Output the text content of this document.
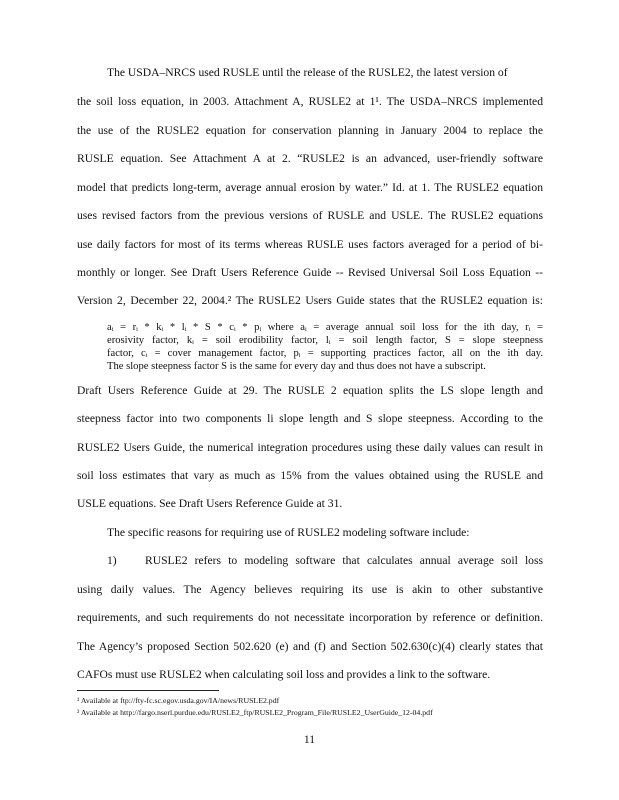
The USDA–NRCS used RUSLE until the release of the RUSLE2, the latest version of
the soil loss equation, in 2003. Attachment A, RUSLE2 at 1¹. The USDA–NRCS implemented
the use of the RUSLE2 equation for conservation planning in January 2004 to replace the
RUSLE equation. See Attachment A at 2. “RUSLE2 is an advanced, user-friendly software
model that predicts long-term, average annual erosion by water.” Id. at 1. The RUSLE2 equation
uses revised factors from the previous versions of RUSLE and USLE. The RUSLE2 equations
use daily factors for most of its terms whereas RUSLE uses factors averaged for a period of bi-
monthly or longer. See Draft Users Reference Guide -- Revised Universal Soil Loss Equation --
Version 2, December 22, 2004.² The RUSLE2 Users Guide states that the RUSLE2 equation is:
aᵢ = rᵢ * kᵢ * lᵢ * S * cᵢ * pᵢ where aᵢ = average annual soil loss for the ith day, rᵢ =
erosivity factor, kᵢ = soil erodibility factor, lᵢ = soil length factor, S = slope steepness
factor, cᵢ = cover management factor, pᵢ = supporting practices factor, all on the ith day.
The slope steepness factor S is the same for every day and thus does not have a subscript.
Draft Users Reference Guide at 29. The RUSLE 2 equation splits the LS slope length and
steepness factor into two components li slope length and S slope steepness. According to the
RUSLE2 Users Guide, the numerical integration procedures using these daily values can result in
soil loss estimates that vary as much as 15% from the values obtained using the RUSLE and
USLE equations. See Draft Users Reference Guide at 31.
The specific reasons for requiring use of RUSLE2 modeling software include:
1)	RUSLE2 refers to modeling software that calculates annual average soil loss
using daily values. The Agency believes requiring its use is akin to other substantive
requirements, and such requirements do not necessitate incorporation by reference or definition.
The Agency’s proposed Section 502.620 (e) and (f) and Section 502.630(c)(4) clearly states that
CAFOs must use RUSLE2 when calculating soil loss and provides a link to the software.
¹ Available at ftp://fty-fc.sc.egov.usda.gov/IA/news/RUSLE2.pdf
² Available at http://fargo.nserl.purdue.edu/RUSLE2_ftp/RUSLE2_Program_File/RUSLE2_UserGuide_12-04.pdf
11
